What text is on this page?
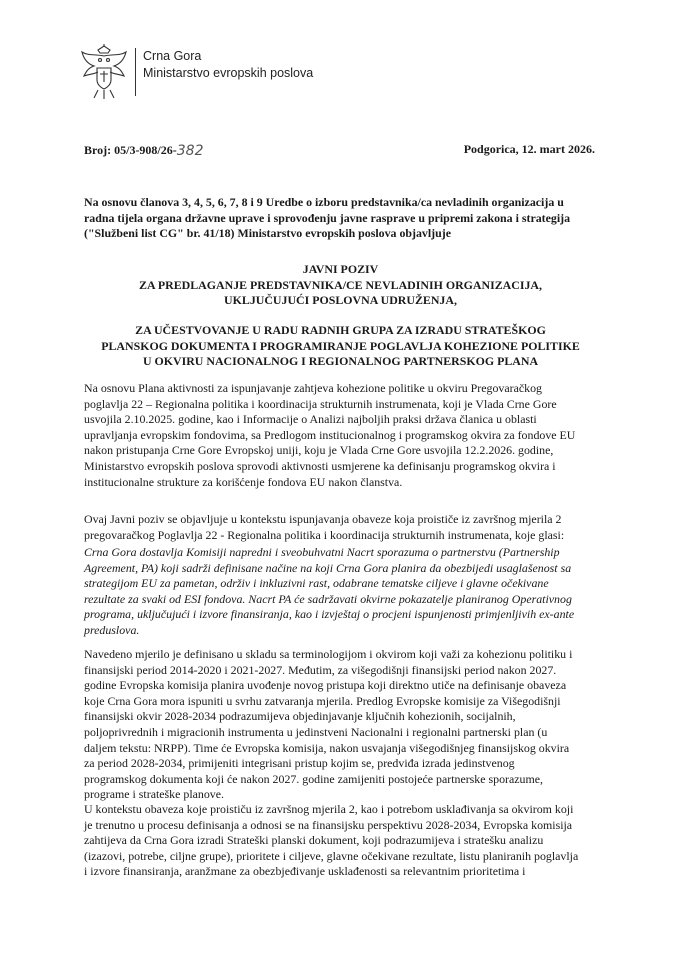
Crna Gora
Ministarstvo evropskih poslova
Broj: 05/3-908/26-382	Podgorica, 12. mart 2026.
Na osnovu članova 3, 4, 5, 6, 7, 8 i 9 Uredbe o izboru predstavnika/ca nevladinih organizacija u
radna tijela organa državne uprave i sprovođenju javne rasprave u pripremi zakona i strategija
("Službeni list CG" br. 41/18) Ministarstvo evropskih poslova objavljuje
JAVNI POZIV
ZA PREDLAGANJE PREDSTAVNIKA/CE NEVLADINIH ORGANIZACIJA,
UKLJUČUJUĆI POSLOVNA UDRUŽENJA,
ZA UČESTVOVANJE U RADU RADNIH GRUPA ZA IZRADU STRATEŠKOG
PLANSKOG DOKUMENTA I PROGRAMIRANJE POGLAVLJA KOHEZIONE POLITIKE
U OKVIRU NACIONALNOG I REGIONALNOG PARTNERSKOG PLANA
Na osnovu Plana aktivnosti za ispunjavanje zahtjeva kohezione politike u okviru Pregovaračkog
poglavlja 22 – Regionalna politika i koordinacija strukturnih instrumenata, koji je Vlada Crne Gore
usvojila 2.10.2025. godine, kao i Informacije o Analizi najboljih praksi država članica u oblasti
upravljanja evropskim fondovima, sa Predlogom institucionalnog i programskog okvira za fondove EU
nakon pristupanja Crne Gore Evropskoj uniji, koju je Vlada Crne Gore usvojila 12.2.2026. godine,
Ministarstvo evropskih poslova sprovodi aktivnosti usmjerene ka definisanju programskog okvira i
institucionalne strukture za korišćenje fondova EU nakon članstva.
Ovaj Javni poziv se objavljuje u kontekstu ispunjavanja obaveze koja proističe iz završnog mjerila 2
pregovaračkog Poglavlja 22 - Regionalna politika i koordinacija strukturnih instrumenata, koje glasi:
Crna Gora dostavlja Komisiji napredni i sveobuhvatni Nacrt sporazuma o partnerstvu (Partnership
Agreement, PA) koji sadrži definisane načine na koji Crna Gora planira da obezbijedi usaglašenost sa
strategijom EU za pametan, održiv i inkluzivni rast, odabrane tematske ciljeve i glavne očekivane
rezultate za svaki od ESI fondova. Nacrt PA će sadržavati okvirne pokazatelje planiranog Operativnog
programa, uključujući i izvore finansiranja, kao i izvještaj o procjeni ispunjenosti primjenljivih ex-ante
preduslova.
Navedeno mjerilo je definisano u skladu sa terminologijom i okvirom koji važi za kohezionu politiku i
finansijski period 2014-2020 i 2021-2027. Međutim, za višegodišnji finansijski period nakon 2027.
godine Evropska komisija planira uvođenje novog pristupa koji direktno utiče na definisanje obaveza
koje Crna Gora mora ispuniti u svrhu zatvaranja mjerila. Predlog Evropske komisije za Višegodišnji
finansijski okvir 2028-2034 podrazumijeva objedinjavanje ključnih kohezionih, socijalnih,
poljoprivrednih i migracionih instrumenta u jedinstveni Nacionalni i regionalni partnerski plan (u
daljem tekstu: NRPP). Time će Evropska komisija, nakon usvajanja višegodišnjeg finansijskog okvira
za period 2028-2034, primijeniti integrisani pristup kojim se, predviđa izrada jedinstvenog
programskog dokumenta koji će nakon 2027. godine zamijeniti postojeće partnerske sporazume,
programe i strateške planove.
U kontekstu obaveza koje proističu iz završnog mjerila 2, kao i potrebom usklađivanja sa okvirom koji
je trenutno u procesu definisanja a odnosi se na finansijsku perspektivu 2028-2034, Evropska komisija
zahtijeva da Crna Gora izradi Strateški planski dokument, koji podrazumijeva i stratešku analizu
(izazovi, potrebe, ciljne grupe), prioritete i ciljeve, glavne očekivane rezultate, listu planiranih poglavlja
i izvore finansiranja, aranžmane za obezbjeđivanje usklađenosti sa relevantnim prioritetima i
